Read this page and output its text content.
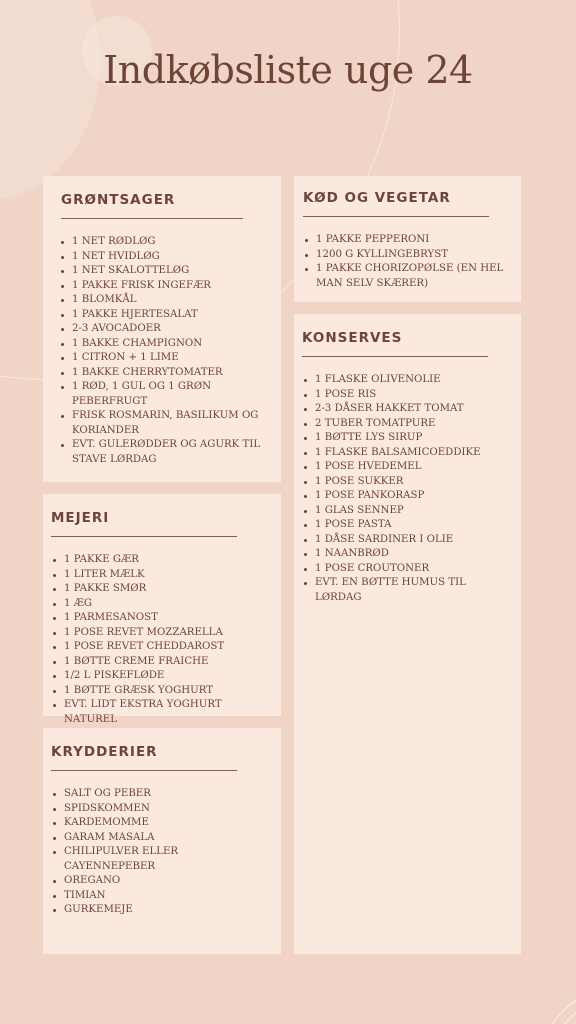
Indkøbsliste uge 24
GRØNTSAGER
1 NET RØDLØG
1 NET HVIDLØG
1 NET SKALOTTELØG
1 PAKKE FRISK INGEFÆR
1 BLOMKÅL
1 PAKKE HJERTESALAT
2-3 AVOCADOER
1 BAKKE CHAMPIGNON
1 CITRON + 1 LIME
1 BAKKE CHERRYTOMATER
1 RØD, 1 GUL OG 1 GRØN PEBERFRUGT
FRISK ROSMARIN, BASILIKUM OG KORIANDER
EVT. GULERØDDER OG AGURK TIL STAVE LØRDAG
MEJERI
1 PAKKE GÆR
1 LITER MÆLK
1 PAKKE SMØR
1 ÆG
1 PARMESANOST
1 POSE REVET MOZZARELLA
1 POSE REVET CHEDDAROST
1 BØTTE CREME FRAICHE
1/2 L PISKEFLØDE
1 BØTTE GRÆSK YOGHURT
EVT. LIDT EKSTRA YOGHURT NATUREL
KRYDDERIER
SALT OG PEBER
SPIDSKOMMEN
KARDEMOMME
GARAM MASALA
CHILIPULVER ELLER CAYENNEPEBER
OREGANO
TIMIAN
GURKEMEJE
KØD OG VEGETAR
1 PAKKE PEPPERONI
1200 G KYLLINGEBRYST
1 PAKKE CHORIZOPØLSE (EN HEL MAN SELV SKÆRER)
KONSERVES
1 FLASKE OLIVENOLIE
1 POSE RIS
2-3 DÅSER HAKKET TOMAT
2 TUBER TOMATPURE
1 BØTTE LYS SIRUP
1 FLASKE BALSAMICOEDDIKE
1 POSE HVEDEMEL
1 POSE SUKKER
1 POSE PANKORASP
1 GLAS SENNEP
1 POSE PASTA
1 DÅSE SARDINER I OLIE
1 NAANBRØD
1 POSE CROUTONER
EVT. EN BØTTE HUMUS TIL LØRDAG
